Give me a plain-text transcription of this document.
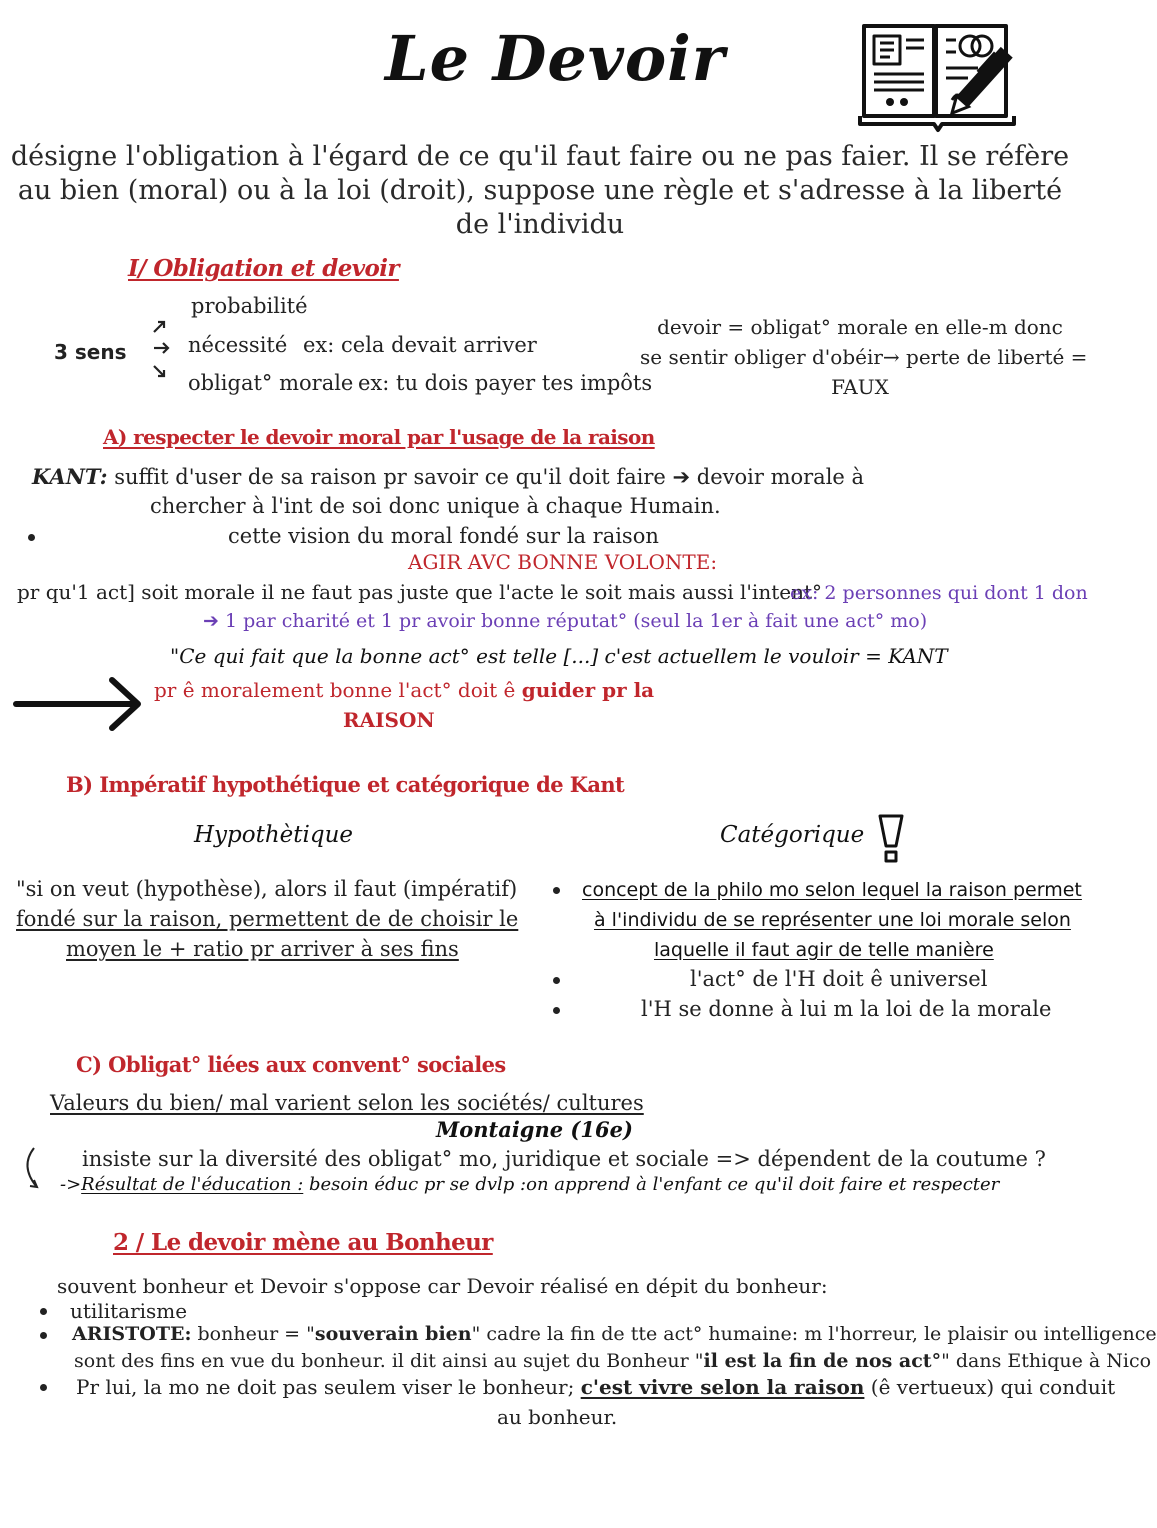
Le Devoir
désigne l'obligation à l'égard de ce qu'il faut faire ou ne pas faier. Il se réfère
au bien (moral) ou à la loi (droit), suppose une règle et s'adresse à la liberté
de l'individu
I/ Obligation et devoir
3 sens
probabilité
nécessité ex: cela devait arriver
obligat° morale ex: tu dois payer tes impôts
devoir = obligat° morale en elle-m donc
se sentir obliger d'obéir→ perte de liberté =
FAUX
A) respecter le devoir moral par l'usage de la raison
KANT: suffit d'user de sa raison pr savoir ce qu'il doit faire ➔ devoir morale à
chercher à l'int de soi donc unique à chaque Humain.
cette vision du moral fondé sur la raison
AGIR AVC BONNE VOLONTE:
pr qu'1 act] soit morale il ne faut pas juste que l'acte le soit mais aussi l'intent°
ex: 2 personnes qui dont 1 don
➔ 1 par charité et 1 pr avoir bonne réputat° (seul la 1er à fait une act° mo)
"Ce qui fait que la bonne act° est telle [...] c'est actuellem le vouloir = KANT
pr ê moralement bonne l'act° doit ê guider pr la
RAISON
B) Impératif hypothétique et catégorique de Kant
Hypothètique	Catégorique
"si on veut (hypothèse), alors il faut (impératif)
fondé sur la raison, permettent de de choisir le
moyen le + ratio pr arriver à ses fins
concept de la philo mo selon lequel la raison permet
à l'individu de se représenter une loi morale selon
laquelle il faut agir de telle manière
l'act° de l'H doit ê universel
l'H se donne à lui m la loi de la morale
C) Obligat° liées aux convent° sociales
Valeurs du bien/ mal varient selon les sociétés/ cultures
Montaigne (16e)
insiste sur la diversité des obligat° mo, juridique et sociale => dépendent de la coutume ?
->Résultat de l'éducation : besoin éduc pr se dvlp :on apprend à l'enfant ce qu'il doit faire et respecter
2 / Le devoir mène au Bonheur
souvent bonheur et Devoir s'oppose car Devoir réalisé en dépit du bonheur:
utilitarisme
ARISTOTE: bonheur = "souverain bien" cadre la fin de tte act° humaine: m l'horreur, le plaisir ou intelligence
sont des fins en vue du bonheur. il dit ainsi au sujet du Bonheur "il est la fin de nos act°" dans Ethique à Nico
Pr lui, la mo ne doit pas seulem viser le bonheur; c'est vivre selon la raison (ê vertueux) qui conduit
au bonheur.
